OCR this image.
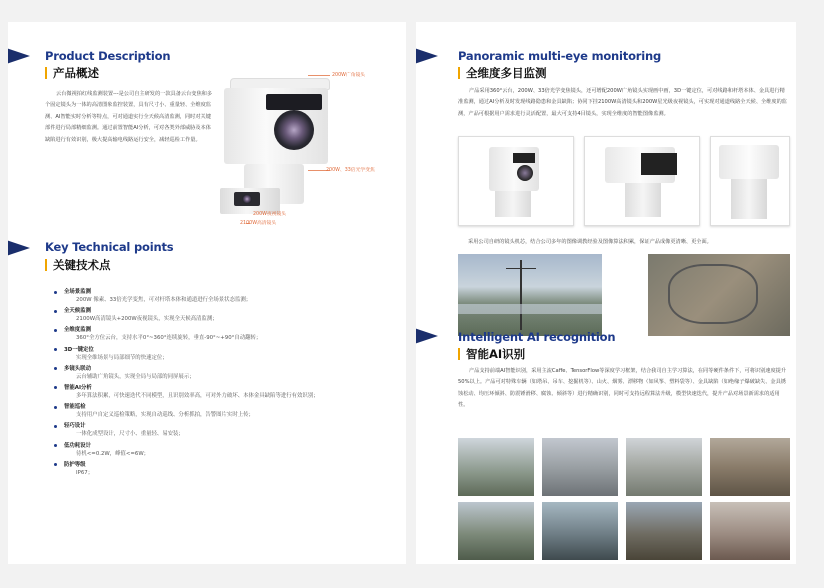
Product Description
产品概述
云台微视拍红线监测装置---是公司自主研发的一款具备云台变焦和多个固定镜头为一体的高清图象监控装置，具有尺寸小、重量轻、全维度监测、AI智能实时分析等特点，可对通道实行全天候高清监测，同时对关键部件进行局部精细监测。通过前置智能AI分析，可对各类外部威胁及本体缺陷进行有效识别，极大提高输电线路运行安全，减轻巡检工作量。
200W广角镜头
200W、33倍光学变焦
200W夜视镜头
2100W高清镜头
Key Technical points
关键技术点
全场景监测
200W 像素、33倍光学变焦，可对杆塔本体和通道进行全场景状态监测；
全天候监测
2100W高清镜头+200W夜视镜头，实现全天候高清监测；
全维度监测
360°全方位云台，支持水平0°~360°连续旋转，垂直-90°~+90°自动翻转；
3D一键定位
实现全维场景与局部细节的快速定位；
多镜头联动
云台辅助广角镜头，实现全局与局部的同屏展示；
智能AI分析
多年算法积累，可快速迭代不同模型，且识别效率高，可对外力破坏、本体金具缺陷等进行有效识别；
智能巡检
支持用户自定义巡检策略，实现自动巡线、分析抓拍，告警图片实时上传；
轻巧设计
一体化成型设计，尺寸小、重量轻、易安装；
低功耗设计
待机<=0.2W，峰值<=6W；
防护等级
IP67；
Panoramic multi-eye monitoring
全维度多目监测
产品采用360°云台，200W、33倍光学变焦镜头，还可增配200W广角镜头实现画中画，3D一键定位，可对线路和杆塔本体、金具进行精准监测，通过AI分析及时发现线路隐患和金具缺陷；协同下挂2100W高清镜头和200W星光级夜视镜头，可实现对通道线路全天候、全维度的监测，产品可根据用户需求进行灵活配置，最大可支持4目镜头，实现全维度的智能图像监测。
采用公司自研的镜头机芯，结合公司多年的图像调教经验及图像算法积累，保证产品成像更清晰、更全面。
Intelligent AI recognition
智能AI识别
产品支持前端AI智能识别，采用主流Caffe、TensorFlow等深度学习框架，结合我司自主学习算法，在同等硬件条件下，可将识别速度提升50%以上。产品可对特殊车辆（如塔吊、吊车、挖掘机等）、山火、烟雾、漂移物（如风筝、塑料袋等）、金具缺陷（如绝缘子爆破缺失、金具锈蚀松动、均压环倾斜、防震锤滑移、腐蚀、倾斜等）进行精确识别，同时可支持远程算法升级，模型快速迭代，提升产品对场景新需求的适用性。
